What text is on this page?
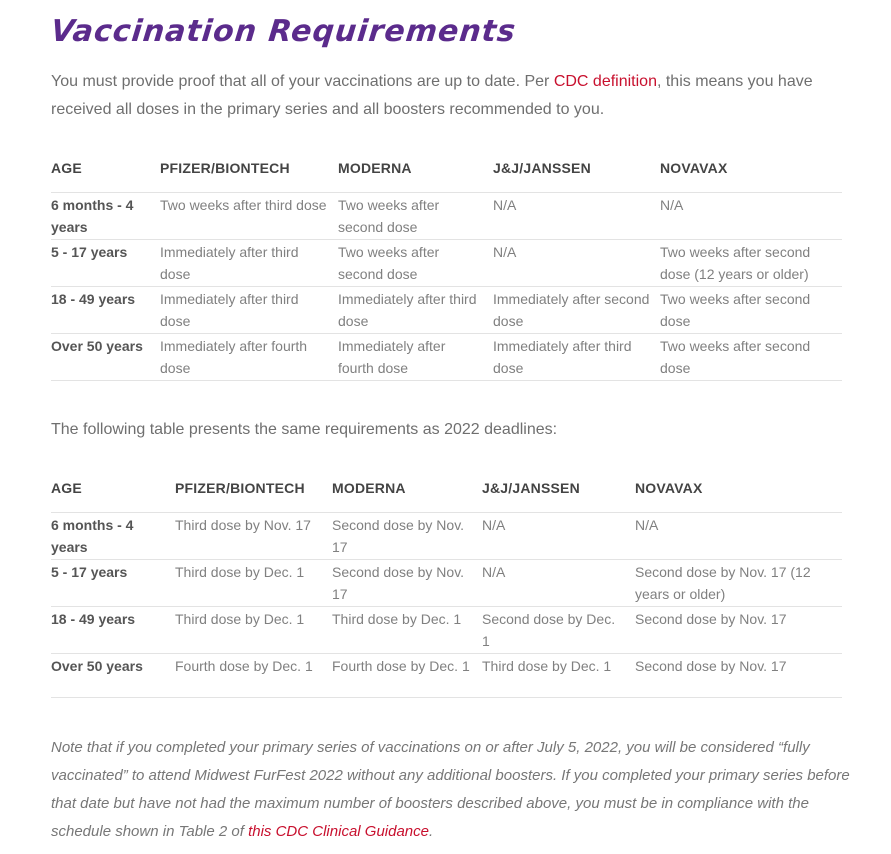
Vaccination Requirements

You must provide proof that all of your vaccinations are up to date. Per CDC definition, this means you have received all doses in the primary series and all boosters recommended to you.

AGE	PFIZER/BIONTECH	MODERNA	J&J/JANSSEN	NOVAVAX
6 months - 4 years	Two weeks after third dose	Two weeks after second dose	N/A	N/A
5 - 17 years	Immediately after third dose	Two weeks after second dose	N/A	Two weeks after second dose (12 years or older)
18 - 49 years	Immediately after third dose	Immediately after third dose	Immediately after second dose	Two weeks after second dose
Over 50 years	Immediately after fourth dose	Immediately after fourth dose	Immediately after third dose	Two weeks after second dose

The following table presents the same requirements as 2022 deadlines:

AGE	PFIZER/BIONTECH	MODERNA	J&J/JANSSEN	NOVAVAX
6 months - 4 years	Third dose by Nov. 17	Second dose by Nov. 17	N/A	N/A
5 - 17 years	Third dose by Dec. 1	Second dose by Nov. 17	N/A	Second dose by Nov. 17 (12 years or older)
18 - 49 years	Third dose by Dec. 1	Third dose by Dec. 1	Second dose by Dec. 1	Second dose by Nov. 17
Over 50 years	Fourth dose by Dec. 1	Fourth dose by Dec. 1	Third dose by Dec. 1	Second dose by Nov. 17

Note that if you completed your primary series of vaccinations on or after July 5, 2022, you will be considered “fully vaccinated” to attend Midwest FurFest 2022 without any additional boosters. If you completed your primary series before that date but have not had the maximum number of boosters described above, you must be in compliance with the schedule shown in Table 2 of this CDC Clinical Guidance.
